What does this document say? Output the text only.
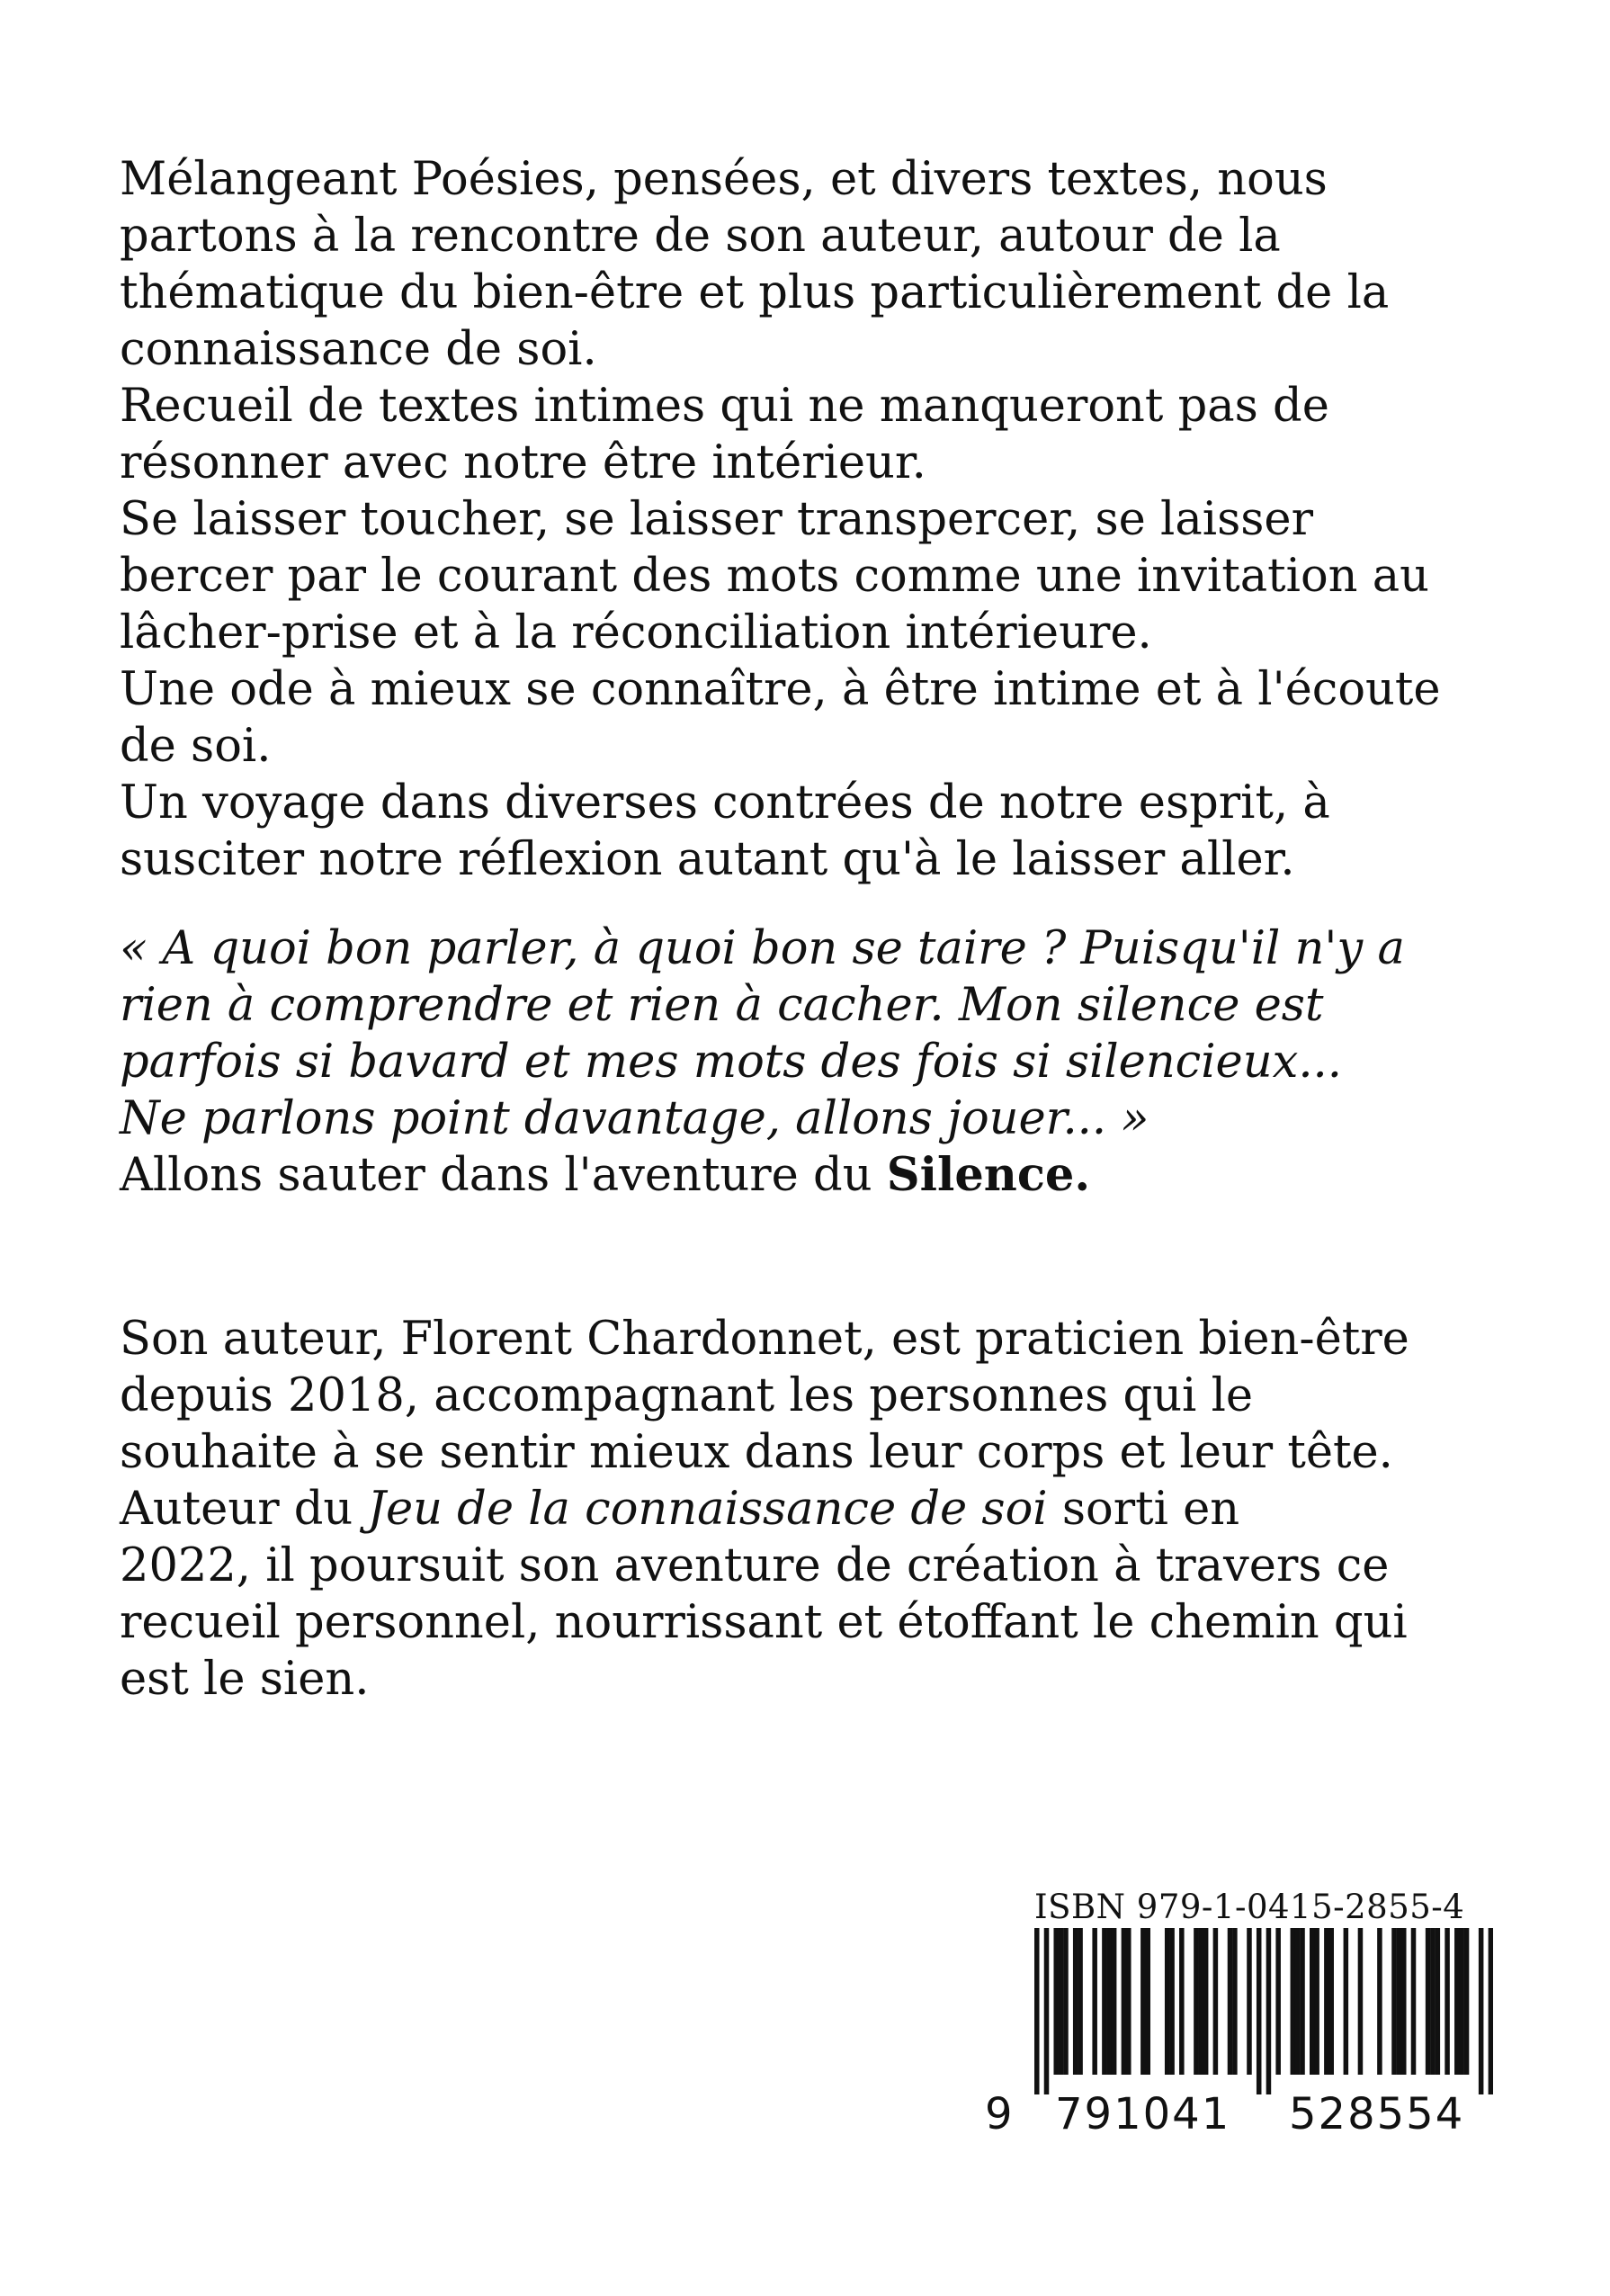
Mélangeant Poésies, pensées, et divers textes, nous
partons à la rencontre de son auteur, autour de la
thématique du bien-être et plus particulièrement de la
connaissance de soi.
Recueil de textes intimes qui ne manqueront pas de
résonner avec notre être intérieur.
Se laisser toucher, se laisser transpercer, se laisser
bercer par le courant des mots comme une invitation au
lâcher-prise et à la réconciliation intérieure.
Une ode à mieux se connaître, à être intime et à l'écoute
de soi.
Un voyage dans diverses contrées de notre esprit, à
susciter notre réflexion autant qu'à le laisser aller.
« A quoi bon parler, à quoi bon se taire ? Puisqu'il n'y a
rien à comprendre et rien à cacher. Mon silence est
parfois si bavard et mes mots des fois si silencieux...
Ne parlons point davantage, allons jouer... »
Allons sauter dans l'aventure du Silence.
Son auteur, Florent Chardonnet, est praticien bien-être
depuis 2018, accompagnant les personnes qui le
souhaite à se sentir mieux dans leur corps et leur tête.
Auteur du Jeu de la connaissance de soi sorti en
2022, il poursuit son aventure de création à travers ce
recueil personnel, nourrissant et étoffant le chemin qui
est le sien.
ISBN 979-1-0415-2855-4
9 791041 528554
